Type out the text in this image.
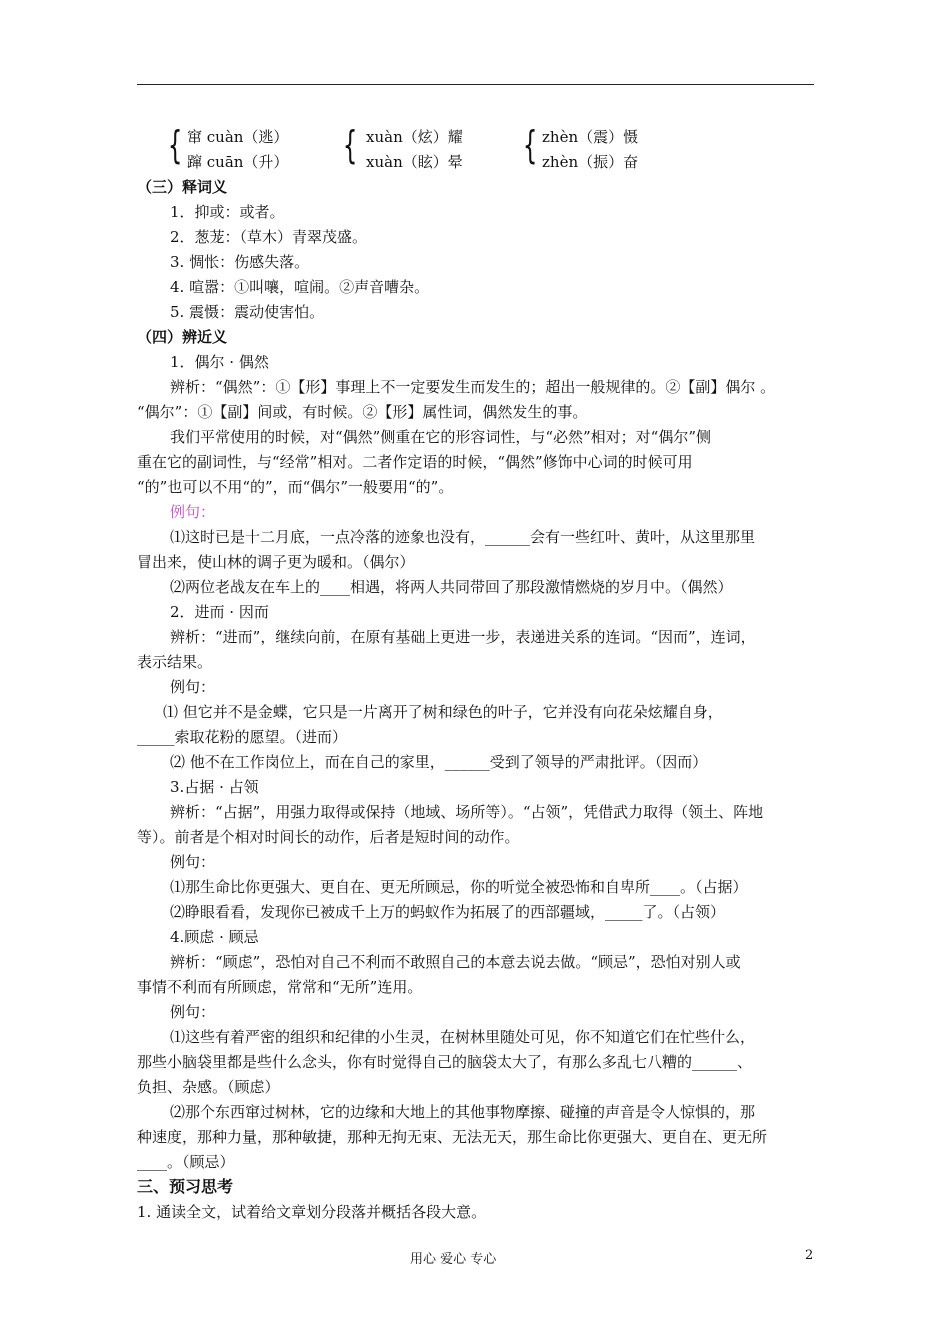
{ 窜 cuàn（逃）
蹿 cuān（升） { xuàn（炫）耀
xuàn（眩）晕 { zhèn（震）慑
zhèn（振）奋
（三）释词义
1．抑或：或者。
2．葱茏：（草木）青翠茂盛。
3. 惆怅：伤感失落。
4. 喧嚣：①叫嚷，喧闹。②声音嘈杂。
5. 震慑：震动使害怕。
（四）辨近义
1．偶尔 · 偶然
辨析：“偶然”：①【形】事理上不一定要发生而发生的；超出一般规律的。②【副】偶尔 。
“偶尔”：①【副】间或，有时候。②【形】属性词，偶然发生的事。
我们平常使用的时候，对“偶然”侧重在它的形容词性，与“必然”相对；对“偶尔”侧
重在它的副词性，与“经常”相对。二者作定语的时候，“偶然”修饰中心词的时候可用
“的”也可以不用“的”，而“偶尔”一般要用“的”。
例句：
⑴这时已是十二月底，一点冷落的迹象也没有，______会有一些红叶、黄叶，从这里那里
冒出来，使山林的调子更为暖和。（偶尔）
⑵两位老战友在车上的____相遇，将两人共同带回了那段激情燃烧的岁月中。（偶然）
2．进而 · 因而
辨析：“进而”，继续向前，在原有基础上更进一步，表递进关系的连词。“因而”，连词，
表示结果。
例句：
⑴ 但它并不是金蝶，它只是一片离开了树和绿色的叶子，它并没有向花朵炫耀自身，
_____索取花粉的愿望。（进而）
⑵ 他不在工作岗位上，而在自己的家里，______受到了领导的严肃批评。（因而）
3.占据 · 占领
辨析：“占据”，用强力取得或保持（地域、场所等）。“占领”，凭借武力取得（领土、阵地
等）。前者是个相对时间长的动作，后者是短时间的动作。
例句：
⑴那生命比你更强大、更自在、更无所顾忌，你的听觉全被恐怖和自卑所____。（占据）
⑵睁眼看看，发现你已被成千上万的蚂蚁作为拓展了的西部疆域，_____了。（占领）
4.顾虑 · 顾忌
辨析：“顾虑”，恐怕对自己不利而不敢照自己的本意去说去做。“顾忌”，恐怕对别人或
事情不利而有所顾虑，常常和“无所”连用。
例句：
⑴这些有着严密的组织和纪律的小生灵，在树林里随处可见，你不知道它们在忙些什么，
那些小脑袋里都是些什么念头，你有时觉得自己的脑袋太大了，有那么多乱七八糟的______、
负担、杂感。（顾虑）
⑵那个东西窜过树林，它的边缘和大地上的其他事物摩擦、碰撞的声音是令人惊惧的，那
种速度，那种力量，那种敏捷，那种无拘无束、无法无天，那生命比你更强大、更自在、更无所
____。（顾忌）
三、预习思考
1. 通读全文，试着给文章划分段落并概括各段大意。
用心 爱心 专心	2
